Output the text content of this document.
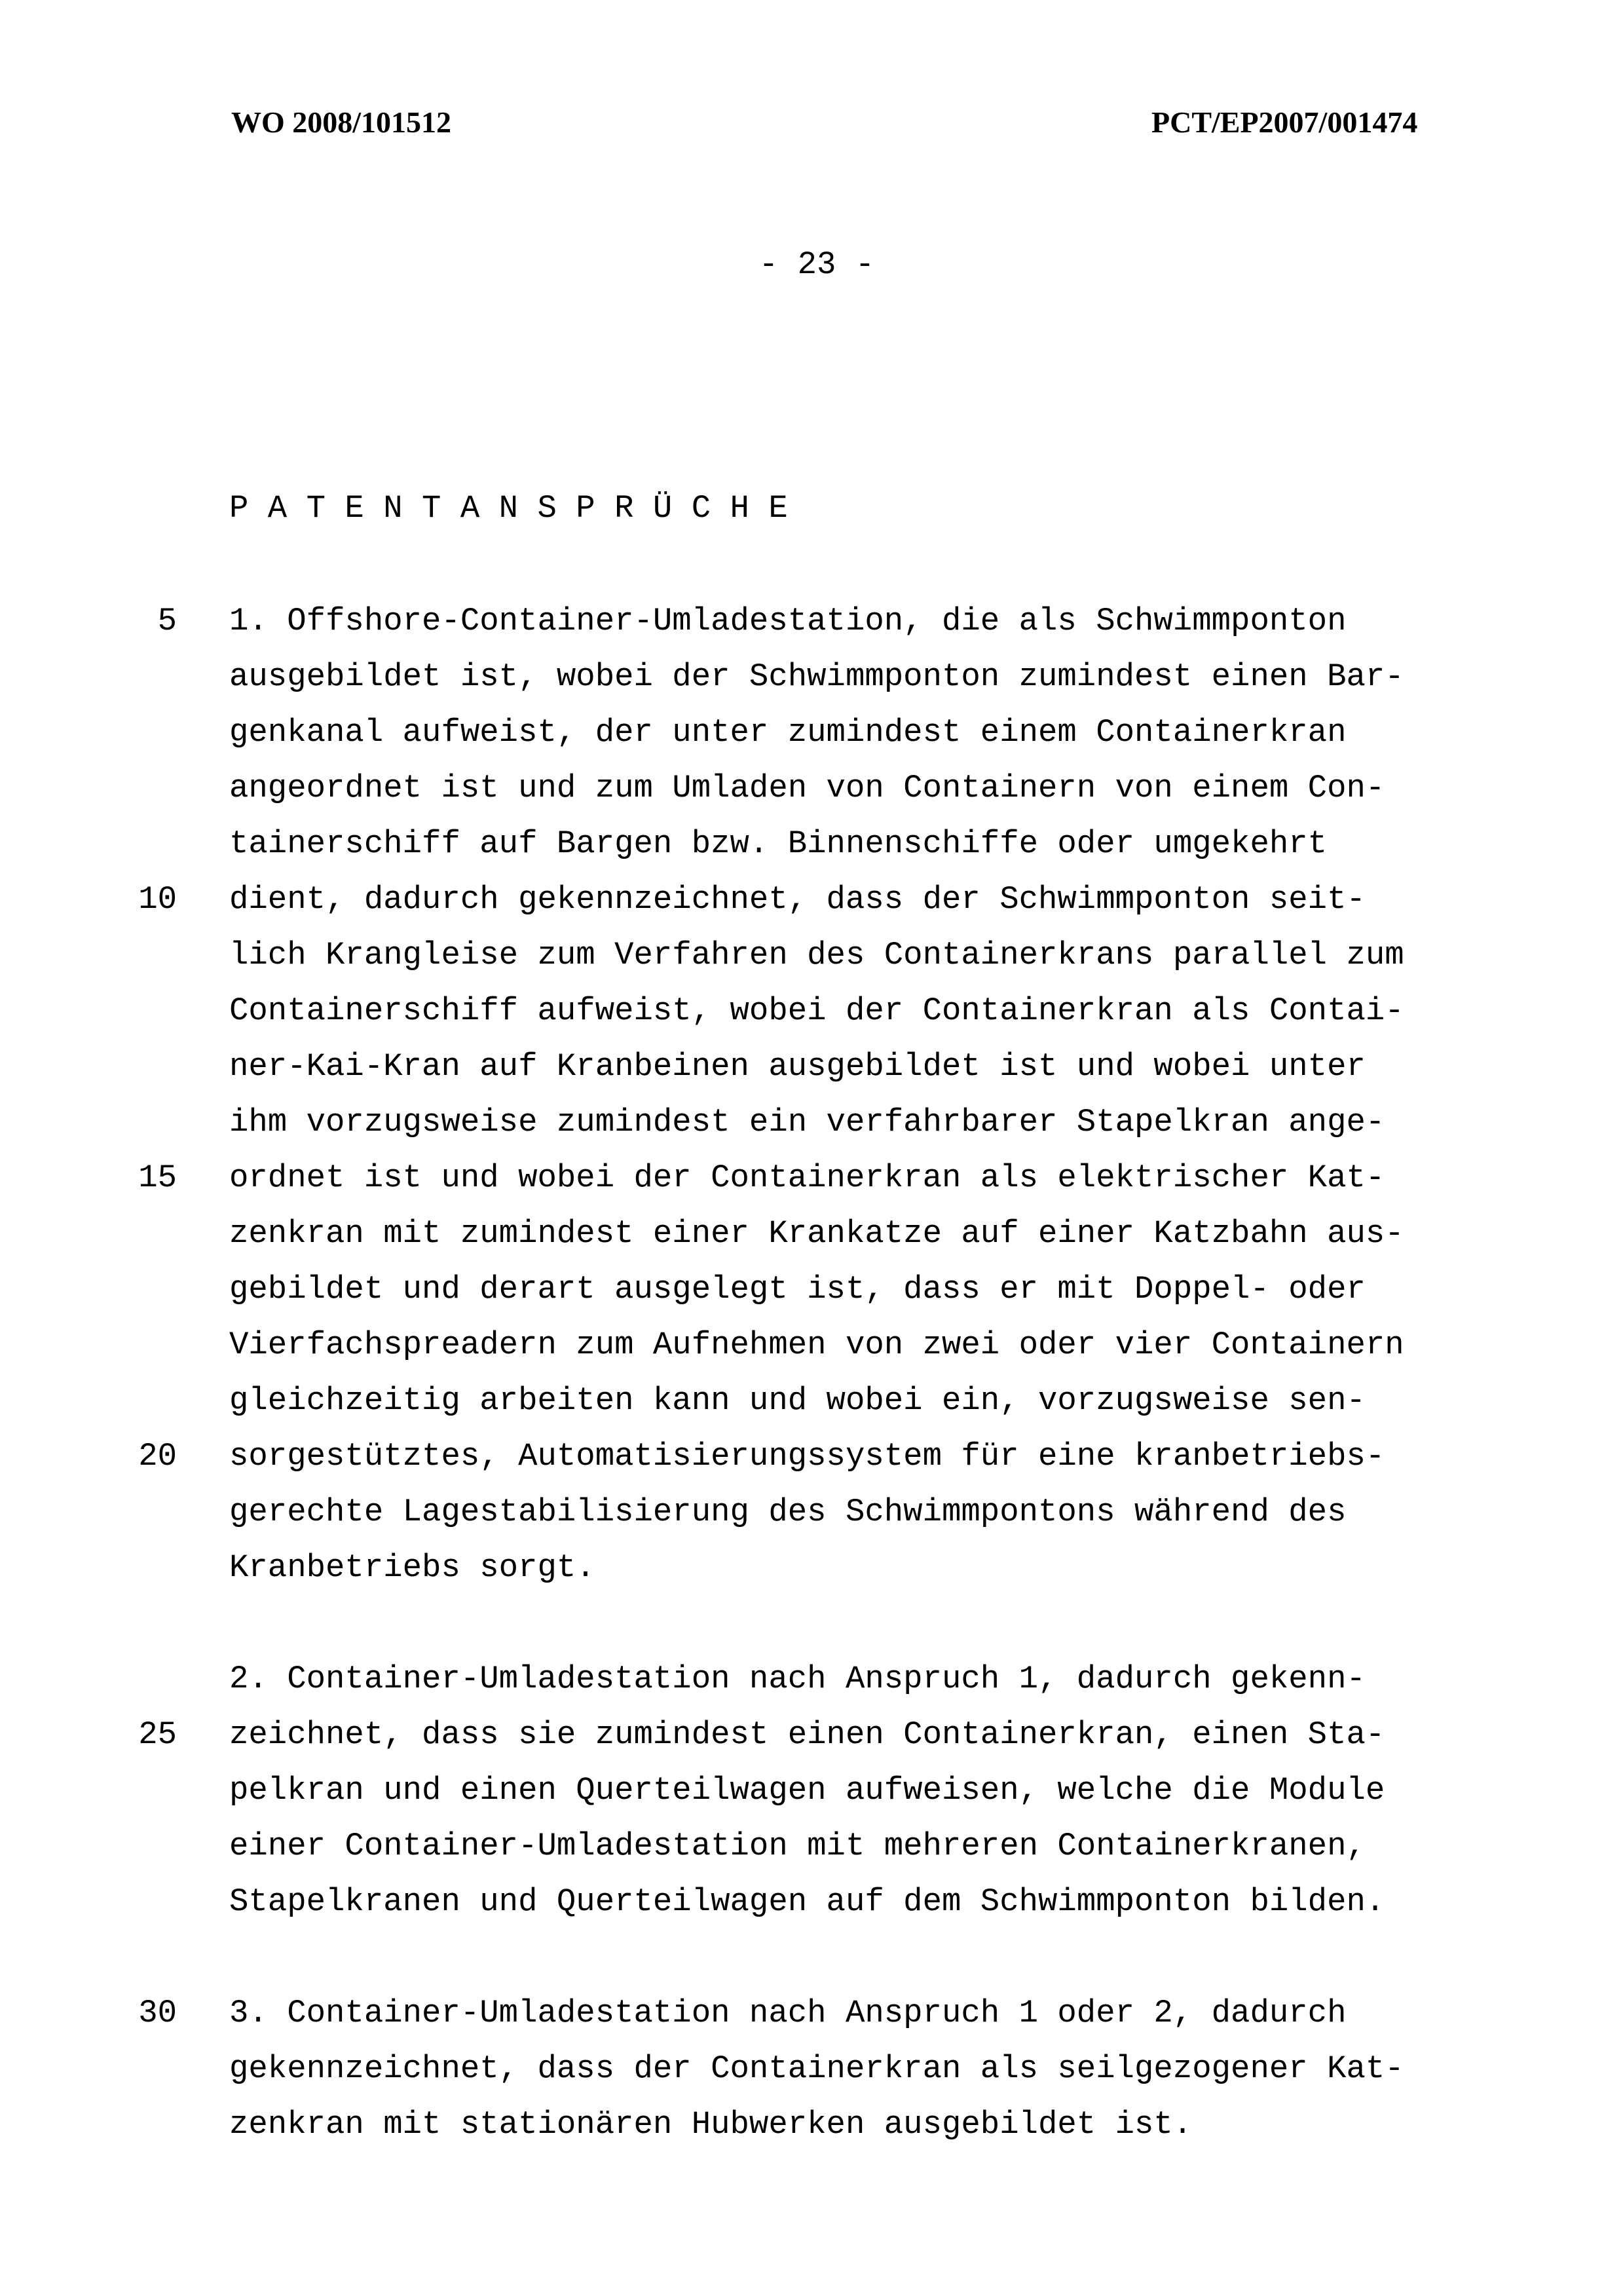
WO 2008/101512	PCT/EP2007/001474
- 23 -
P A T E N T A N S P R Ü C H E
5	1. Offshore-Container-Umladestation, die als Schwimmponton
ausgebildet ist, wobei der Schwimmponton zumindest einen Bar-
genkanal aufweist, der unter zumindest einem Containerkran
angeordnet ist und zum Umladen von Containern von einem Con-
tainerschiff auf Bargen bzw. Binnenschiffe oder umgekehrt
10	dient, dadurch gekennzeichnet, dass der Schwimmponton seit-
lich Krangleise zum Verfahren des Containerkrans parallel zum
Containerschiff aufweist, wobei der Containerkran als Contai-
ner-Kai-Kran auf Kranbeinen ausgebildet ist und wobei unter
ihm vorzugsweise zumindest ein verfahrbarer Stapelkran ange-
15	ordnet ist und wobei der Containerkran als elektrischer Kat-
zenkran mit zumindest einer Krankatze auf einer Katzbahn aus-
gebildet und derart ausgelegt ist, dass er mit Doppel- oder
Vierfachspreadern zum Aufnehmen von zwei oder vier Containern
gleichzeitig arbeiten kann und wobei ein, vorzugsweise sen-
20	sorgestütztes, Automatisierungssystem für eine kranbetriebs-
gerechte Lagestabilisierung des Schwimmpontons während des
Kranbetriebs sorgt.
2. Container-Umladestation nach Anspruch 1, dadurch gekenn-
25	zeichnet, dass sie zumindest einen Containerkran, einen Sta-
pelkran und einen Querteilwagen aufweisen, welche die Module
einer Container-Umladestation mit mehreren Containerkranen,
Stapelkranen und Querteilwagen auf dem Schwimmponton bilden.
30	3. Container-Umladestation nach Anspruch 1 oder 2, dadurch
gekennzeichnet, dass der Containerkran als seilgezogener Kat-
zenkran mit stationären Hubwerken ausgebildet ist.
